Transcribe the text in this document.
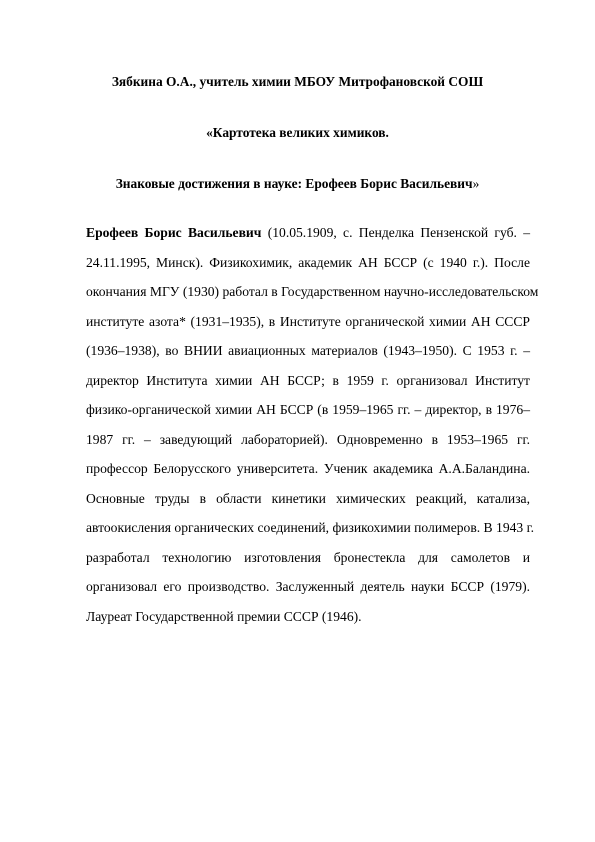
Зябкина О.А., учитель химии МБОУ Митрофановской СОШ
«Картотека великих химиков.
Знаковые достижения в науке: Ерофеев Борис Васильевич»
Ерофеев Борис Васильевич (10.05.1909, с. Пенделка Пензенской губ. –
24.11.1995, Минск). Физикохимик, академик АН БССР (с 1940 г.). После
окончания МГУ (1930) работал в Государственном научно-исследовательском
институте азота* (1931–1935), в Институте органической химии АН СССР
(1936–1938), во ВНИИ авиационных материалов (1943–1950). С 1953 г. –
директор Института химии АН БССР; в 1959 г. организовал Институт
физико-органической химии АН БССР (в 1959–1965 гг. – директор, в 1976–
1987 гг. – заведующий лабораторией). Одновременно в 1953–1965 гг.
профессор Белорусского университета. Ученик академика А.А.Баландина.
Основные труды в области кинетики химических реакций, катализа,
автоокисления органических соединений, физикохимии полимеров. В 1943 г.
разработал технологию изготовления бронестекла для самолетов и
организовал его производство. Заслуженный деятель науки БССР (1979).
Лауреат Государственной премии СССР (1946).
